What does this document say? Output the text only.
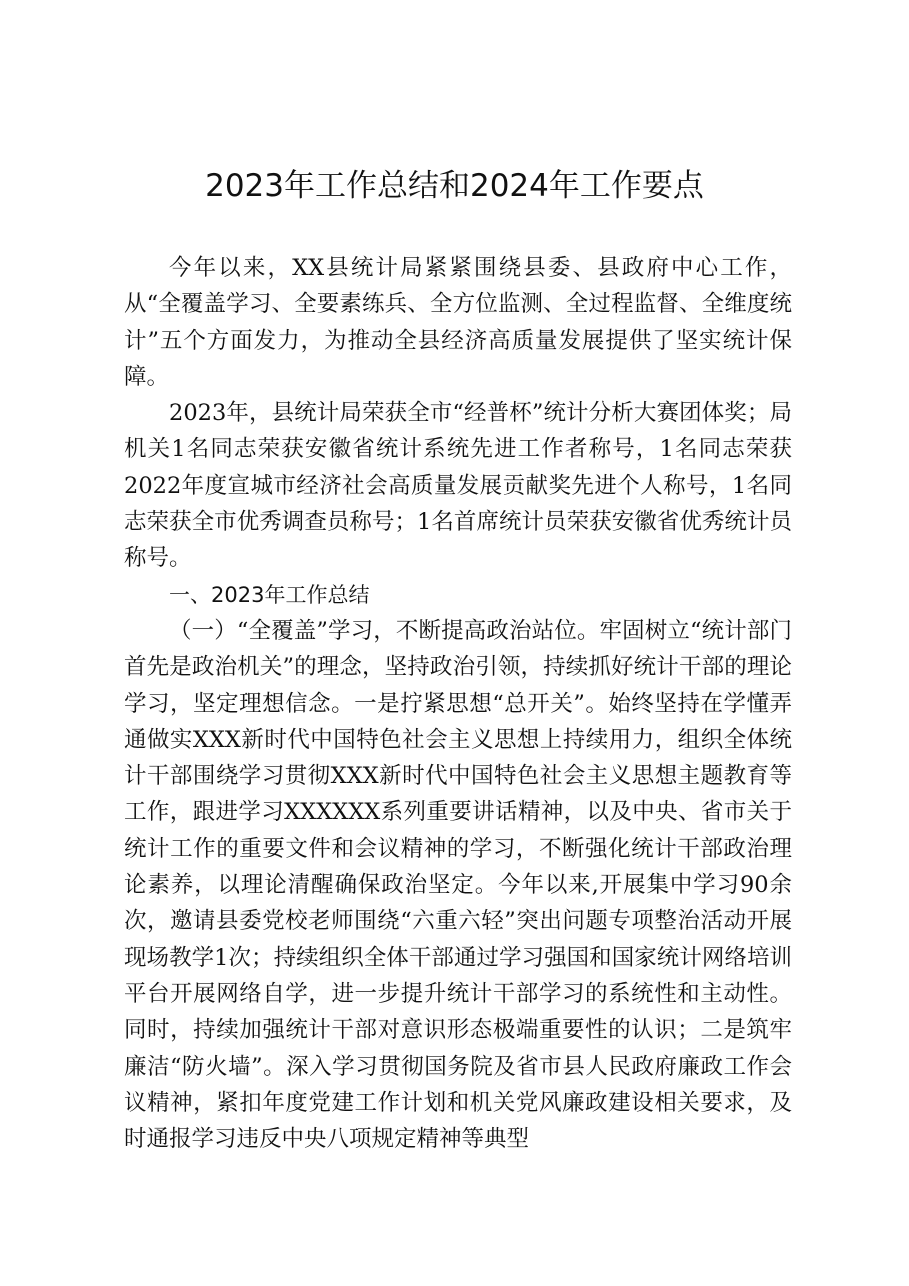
2023年工作总结和2024年工作要点

今年以来，XX县统计局紧紧围绕县委、县政府中心工作，从“全覆盖学习、全要素练兵、全方位监测、全过程监督、全维度统计”五个方面发力，为推动全县经济高质量发展提供了坚实统计保障。

2023年，县统计局荣获全市“经普杯”统计分析大赛团体奖；局机关1名同志荣获安徽省统计系统先进工作者称号，1名同志荣获2022年度宣城市经济社会高质量发展贡献奖先进个人称号，1名同志荣获全市优秀调查员称号；1名首席统计员荣获安徽省优秀统计员称号。

一、2023年工作总结

（一）“全覆盖”学习，不断提高政治站位。牢固树立“统计部门首先是政治机关”的理念，坚持政治引领，持续抓好统计干部的理论学习，坚定理想信念。一是拧紧思想“总开关”。始终坚持在学懂弄通做实XXX新时代中国特色社会主义思想上持续用力，组织全体统计干部围绕学习贯彻XXX新时代中国特色社会主义思想主题教育等工作，跟进学习XXXXXX系列重要讲话精神，以及中央、省市关于统计工作的重要文件和会议精神的学习，不断强化统计干部政治理论素养，以理论清醒确保政治坚定。今年以来,开展集中学习90余次，邀请县委党校老师围绕“六重六轻”突出问题专项整治活动开展现场教学1次；持续组织全体干部通过学习强国和国家统计网络培训平台开展网络自学，进一步提升统计干部学习的系统性和主动性。同时，持续加强统计干部对意识形态极端重要性的认识；二是筑牢廉洁“防火墙”。深入学习贯彻国务院及省市县人民政府廉政工作会议精神，紧扣年度党建工作计划和机关党风廉政建设相关要求，及时通报学习违反中央八项规定精神等典型
